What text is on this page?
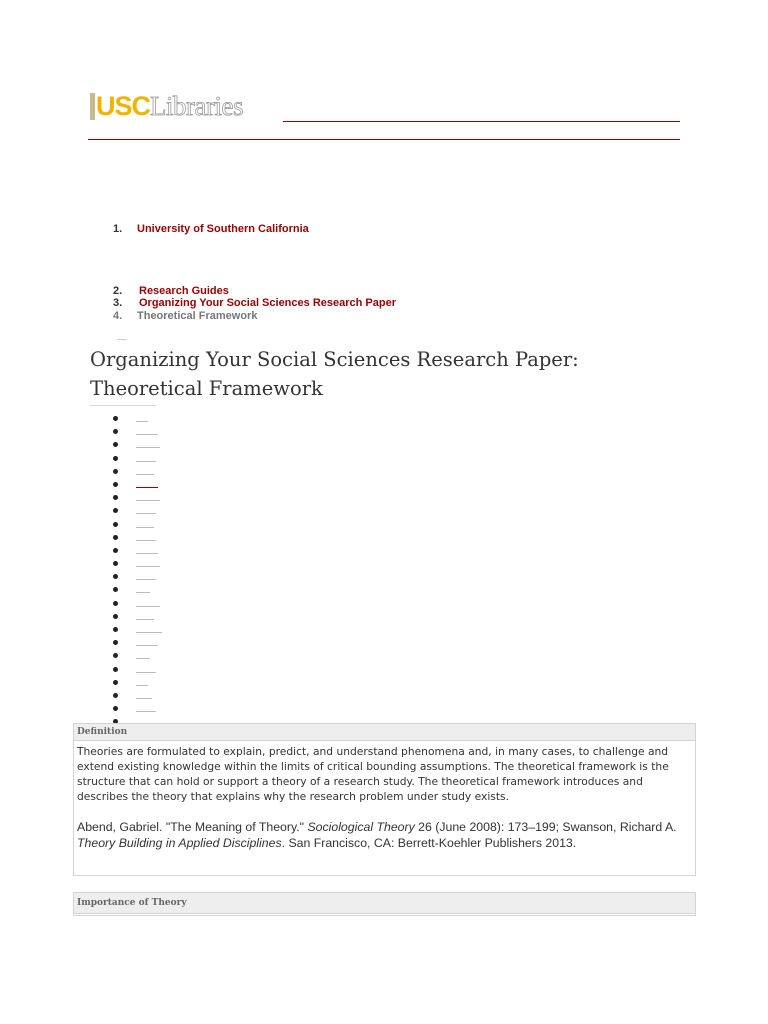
USC Libraries
1. University of Southern California
2. Research Guides
3. Organizing Your Social Sciences Research Paper
4. Theoretical Framework
Organizing Your Social Sciences Research Paper: Theoretical Framework
Definition

Theories are formulated to explain, predict, and understand phenomena and, in many cases, to challenge and extend existing knowledge within the limits of critical bounding assumptions. The theoretical framework is the structure that can hold or support a theory of a research study. The theoretical framework introduces and describes the theory that explains why the research problem under study exists.

Abend, Gabriel. "The Meaning of Theory." Sociological Theory 26 (June 2008): 173–199; Swanson, Richard A. Theory Building in Applied Disciplines. San Francisco, CA: Berrett-Koehler Publishers 2013.

Importance of Theory
